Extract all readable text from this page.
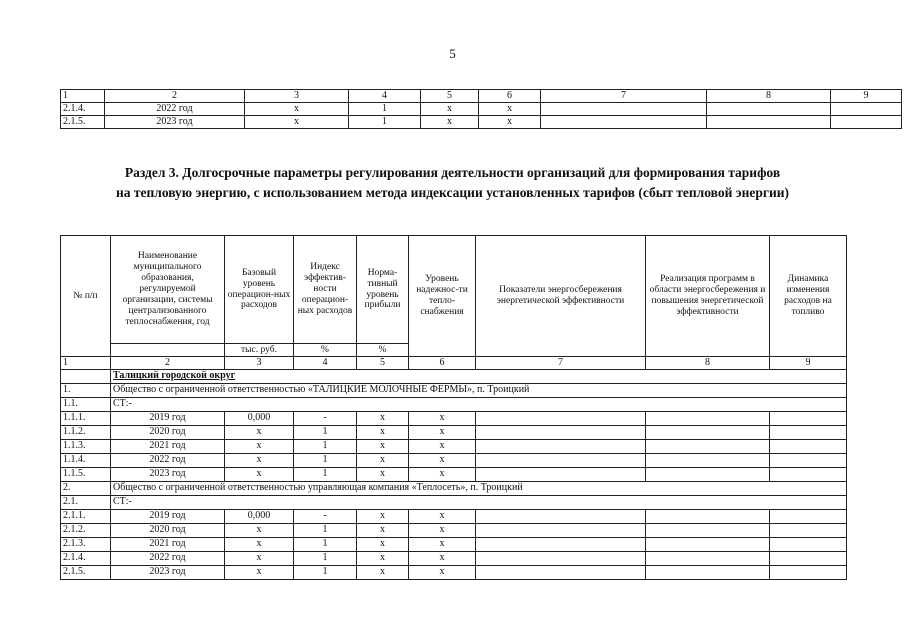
5
1	2	3	4	5	6	7	8	9
2.1.4.	2022 год	х	1	х	х			
2.1.5.	2023 год	х	1	х	х			
Раздел 3. Долгосрочные параметры регулирования деятельности организаций для формирования тарифов
на тепловую энергию, с использованием метода индексации установленных тарифов (сбыт тепловой энергии)
№ п/п	Наименование муниципального образования, регулируемой организации, системы централизованного теплоснабжения, год	Базовый уровень операцион-ных расходов	Индекс эффектив-ности операцион-ных расходов	Норма-тивный уровень прибыли	Уровень надежнос-ти тепло-снабжения	Показатели энергосбережения энергетической эффективности	Реализация программ в области энергосбережения и повышения энергетической эффективности	Динамика изменения расходов на топливо
		тыс. руб.	%	%				
1	2	3	4	5	6	7	8	9
	Талицкий городской округ							
1.	Общество с ограниченной ответственностью «ТАЛИЦКИЕ МОЛОЧНЫЕ ФЕРМЫ», п. Троицкий							
1.1.	СТ:-							
1.1.1.	2019 год	0,000	-	х	х			
1.1.2.	2020 год	х	1	х	х			
1.1.3.	2021 год	х	1	х	х			
1.1.4.	2022 год	х	1	х	х			
1.1.5.	2023 год	х	1	х	х			
2.	Общество с ограниченной ответственностью управляющая компания «Теплосеть», п. Троицкий							
2.1.	СТ:-							
2.1.1.	2019 год	0,000	-	х	х			
2.1.2.	2020 год	х	1	х	х			
2.1.3.	2021 год	х	1	х	х			
2.1.4.	2022 год	х	1	х	х			
2.1.5.	2023 год	х	1	х	х			
